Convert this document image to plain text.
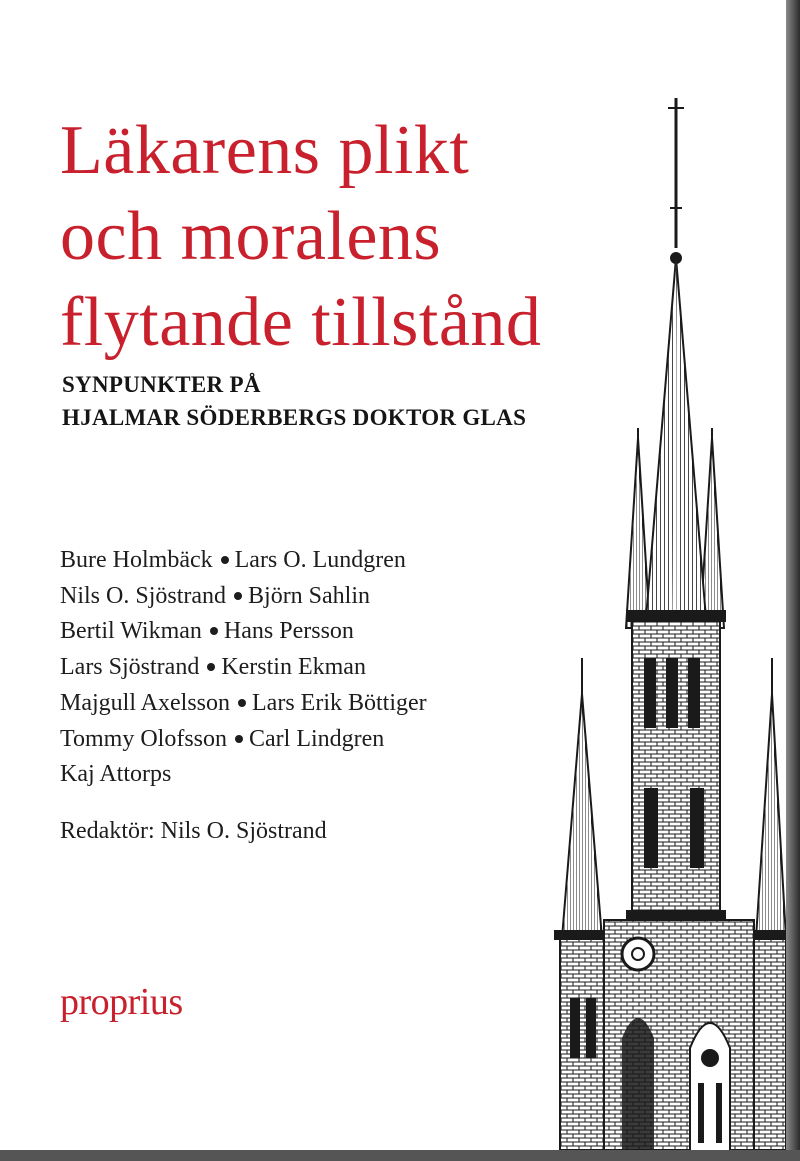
Läkarens plikt
och moralens
flytande tillstånd
SYNPUNKTER PÅ
HJALMAR SÖDERBERGS DOKTOR GLAS
Bure Holmbäck Lars O. Lundgren
Nils O. Sjöstrand Björn Sahlin
Bertil Wikman Hans Persson
Lars Sjöstrand Kerstin Ekman
Majgull Axelsson Lars Erik Böttiger
Tommy Olofsson Carl Lindgren
Kaj Attorps
Redaktör: Nils O. Sjöstrand
proprius
